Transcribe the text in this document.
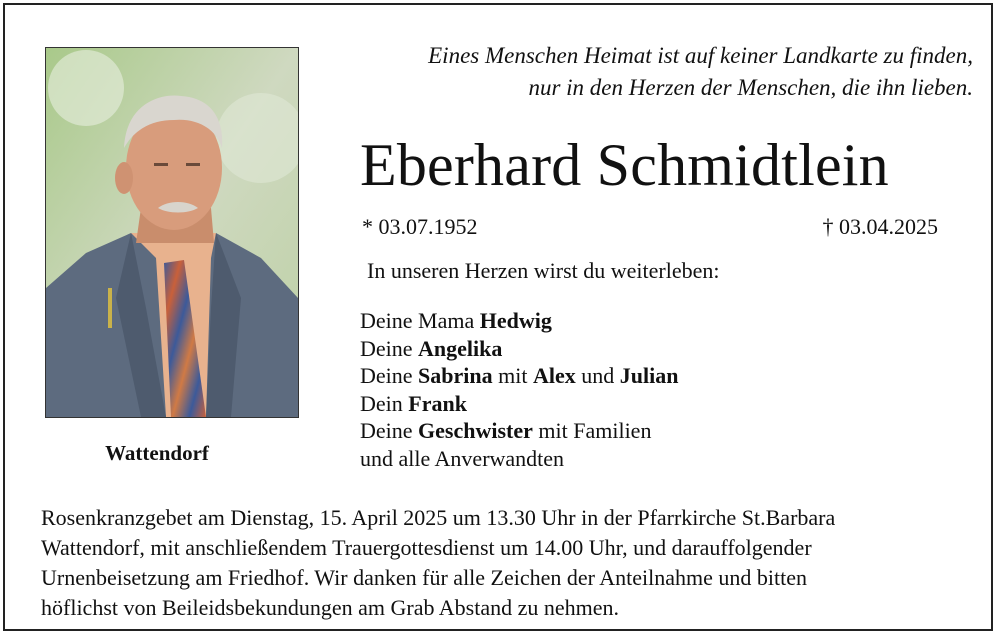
Wattendorf
Eines Menschen Heimat ist auf keiner Landkarte zu finden,
nur in den Herzen der Menschen, die ihn lieben.
Eberhard Schmidtlein
* 03.07.1952	† 03.04.2025
In unseren Herzen wirst du weiterleben:
Deine Mama Hedwig
Deine Angelika
Deine Sabrina mit Alex und Julian
Dein Frank
Deine Geschwister mit Familien
und alle Anverwandten
Rosenkranzgebet am Dienstag, 15. April 2025 um 13.30 Uhr in der Pfarrkirche St.Barbara
Wattendorf, mit anschließendem Trauergottesdienst um 14.00 Uhr, und darauffolgender
Urnenbeisetzung am Friedhof. Wir danken für alle Zeichen der Anteilnahme und bitten
höflichst von Beileidsbekundungen am Grab Abstand zu nehmen.
